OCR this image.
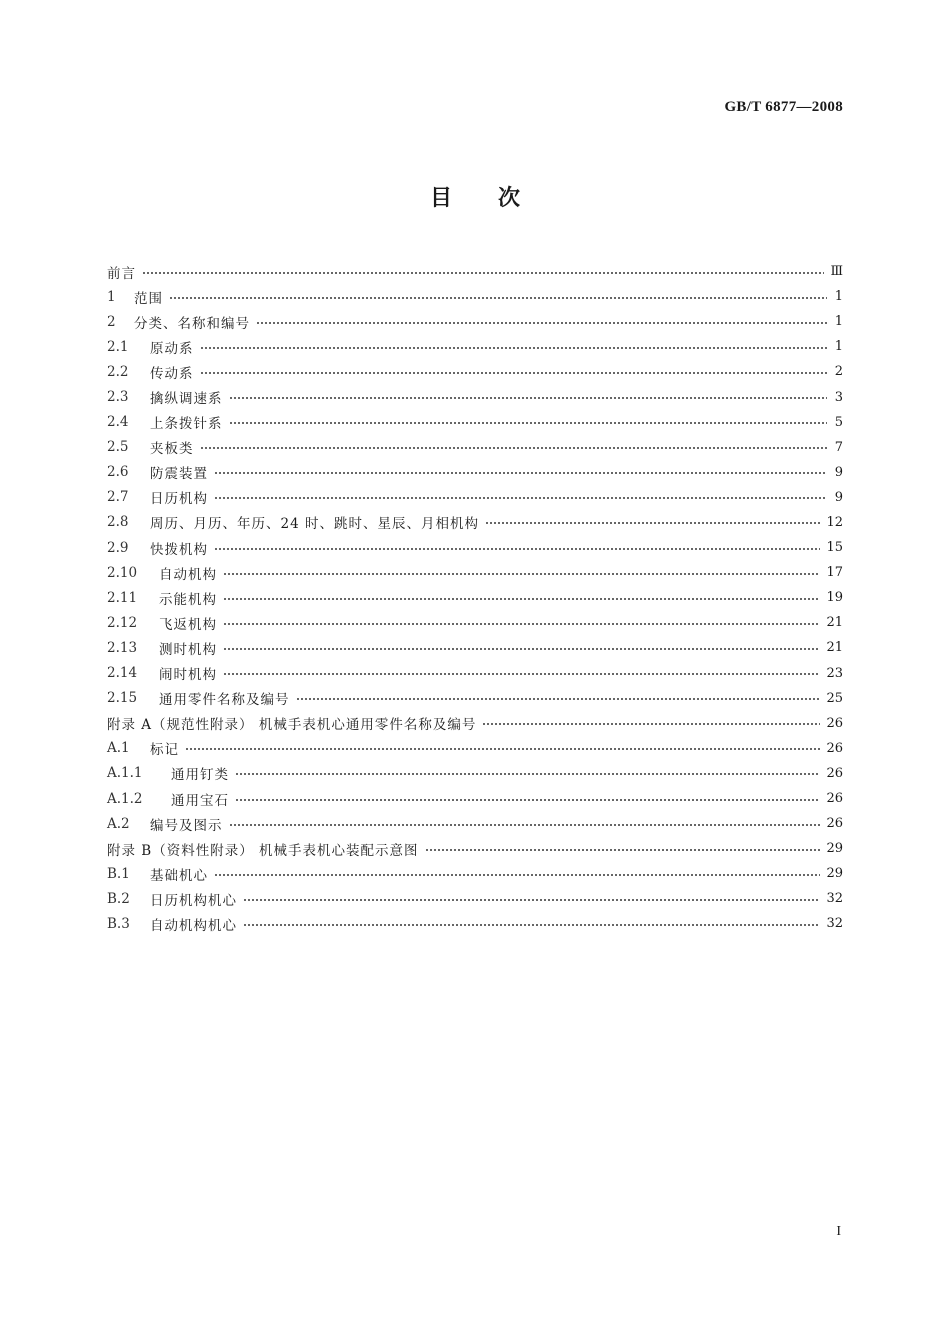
GB/T 6877—2008
目次
前言	Ⅲ
1	范围	1
2	分类、名称和编号	1
2.1	原动系	1
2.2	传动系	2
2.3	擒纵调速系	3
2.4	上条拨针系	5
2.5	夹板类	7
2.6	防震装置	9
2.7	日历机构	9
2.8	周历、月历、年历、24 时、跳时、星辰、月相机构	12
2.9	快拨机构	15
2.10	自动机构	17
2.11	示能机构	19
2.12	飞返机构	21
2.13	测时机构	21
2.14	闹时机构	23
2.15	通用零件名称及编号	25
附录 A（规范性附录） 机械手表机心通用零件名称及编号	26
A.1	标记	26
A.1.1	通用钉类	26
A.1.2	通用宝石	26
A.2	编号及图示	26
附录 B（资料性附录） 机械手表机心装配示意图	29
B.1	基础机心	29
B.2	日历机构机心	32
B.3	自动机构机心	32
I
